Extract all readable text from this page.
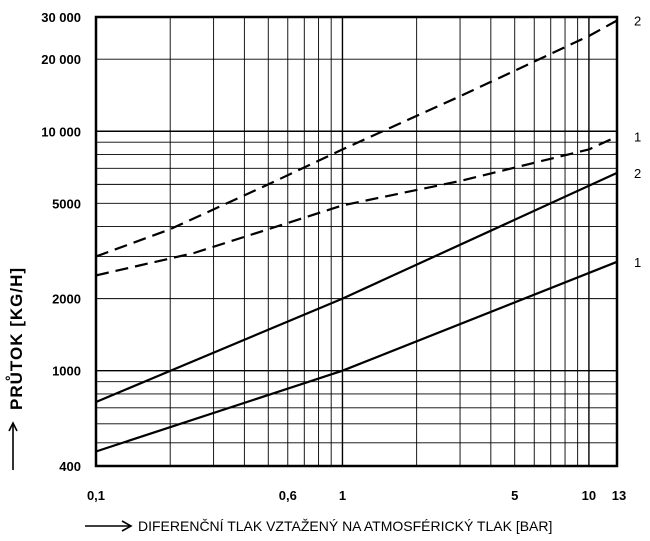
0,1	0,6	1	5	10 13
400
1000
2000
5000
10 000
20 000
30 000
1
2
1
2
PRŮTOK [KG/H]
DIFERENČNÍ TLAK VZTAŽENÝ NA ATMOSFÉRICKÝ TLAK [BAR]
